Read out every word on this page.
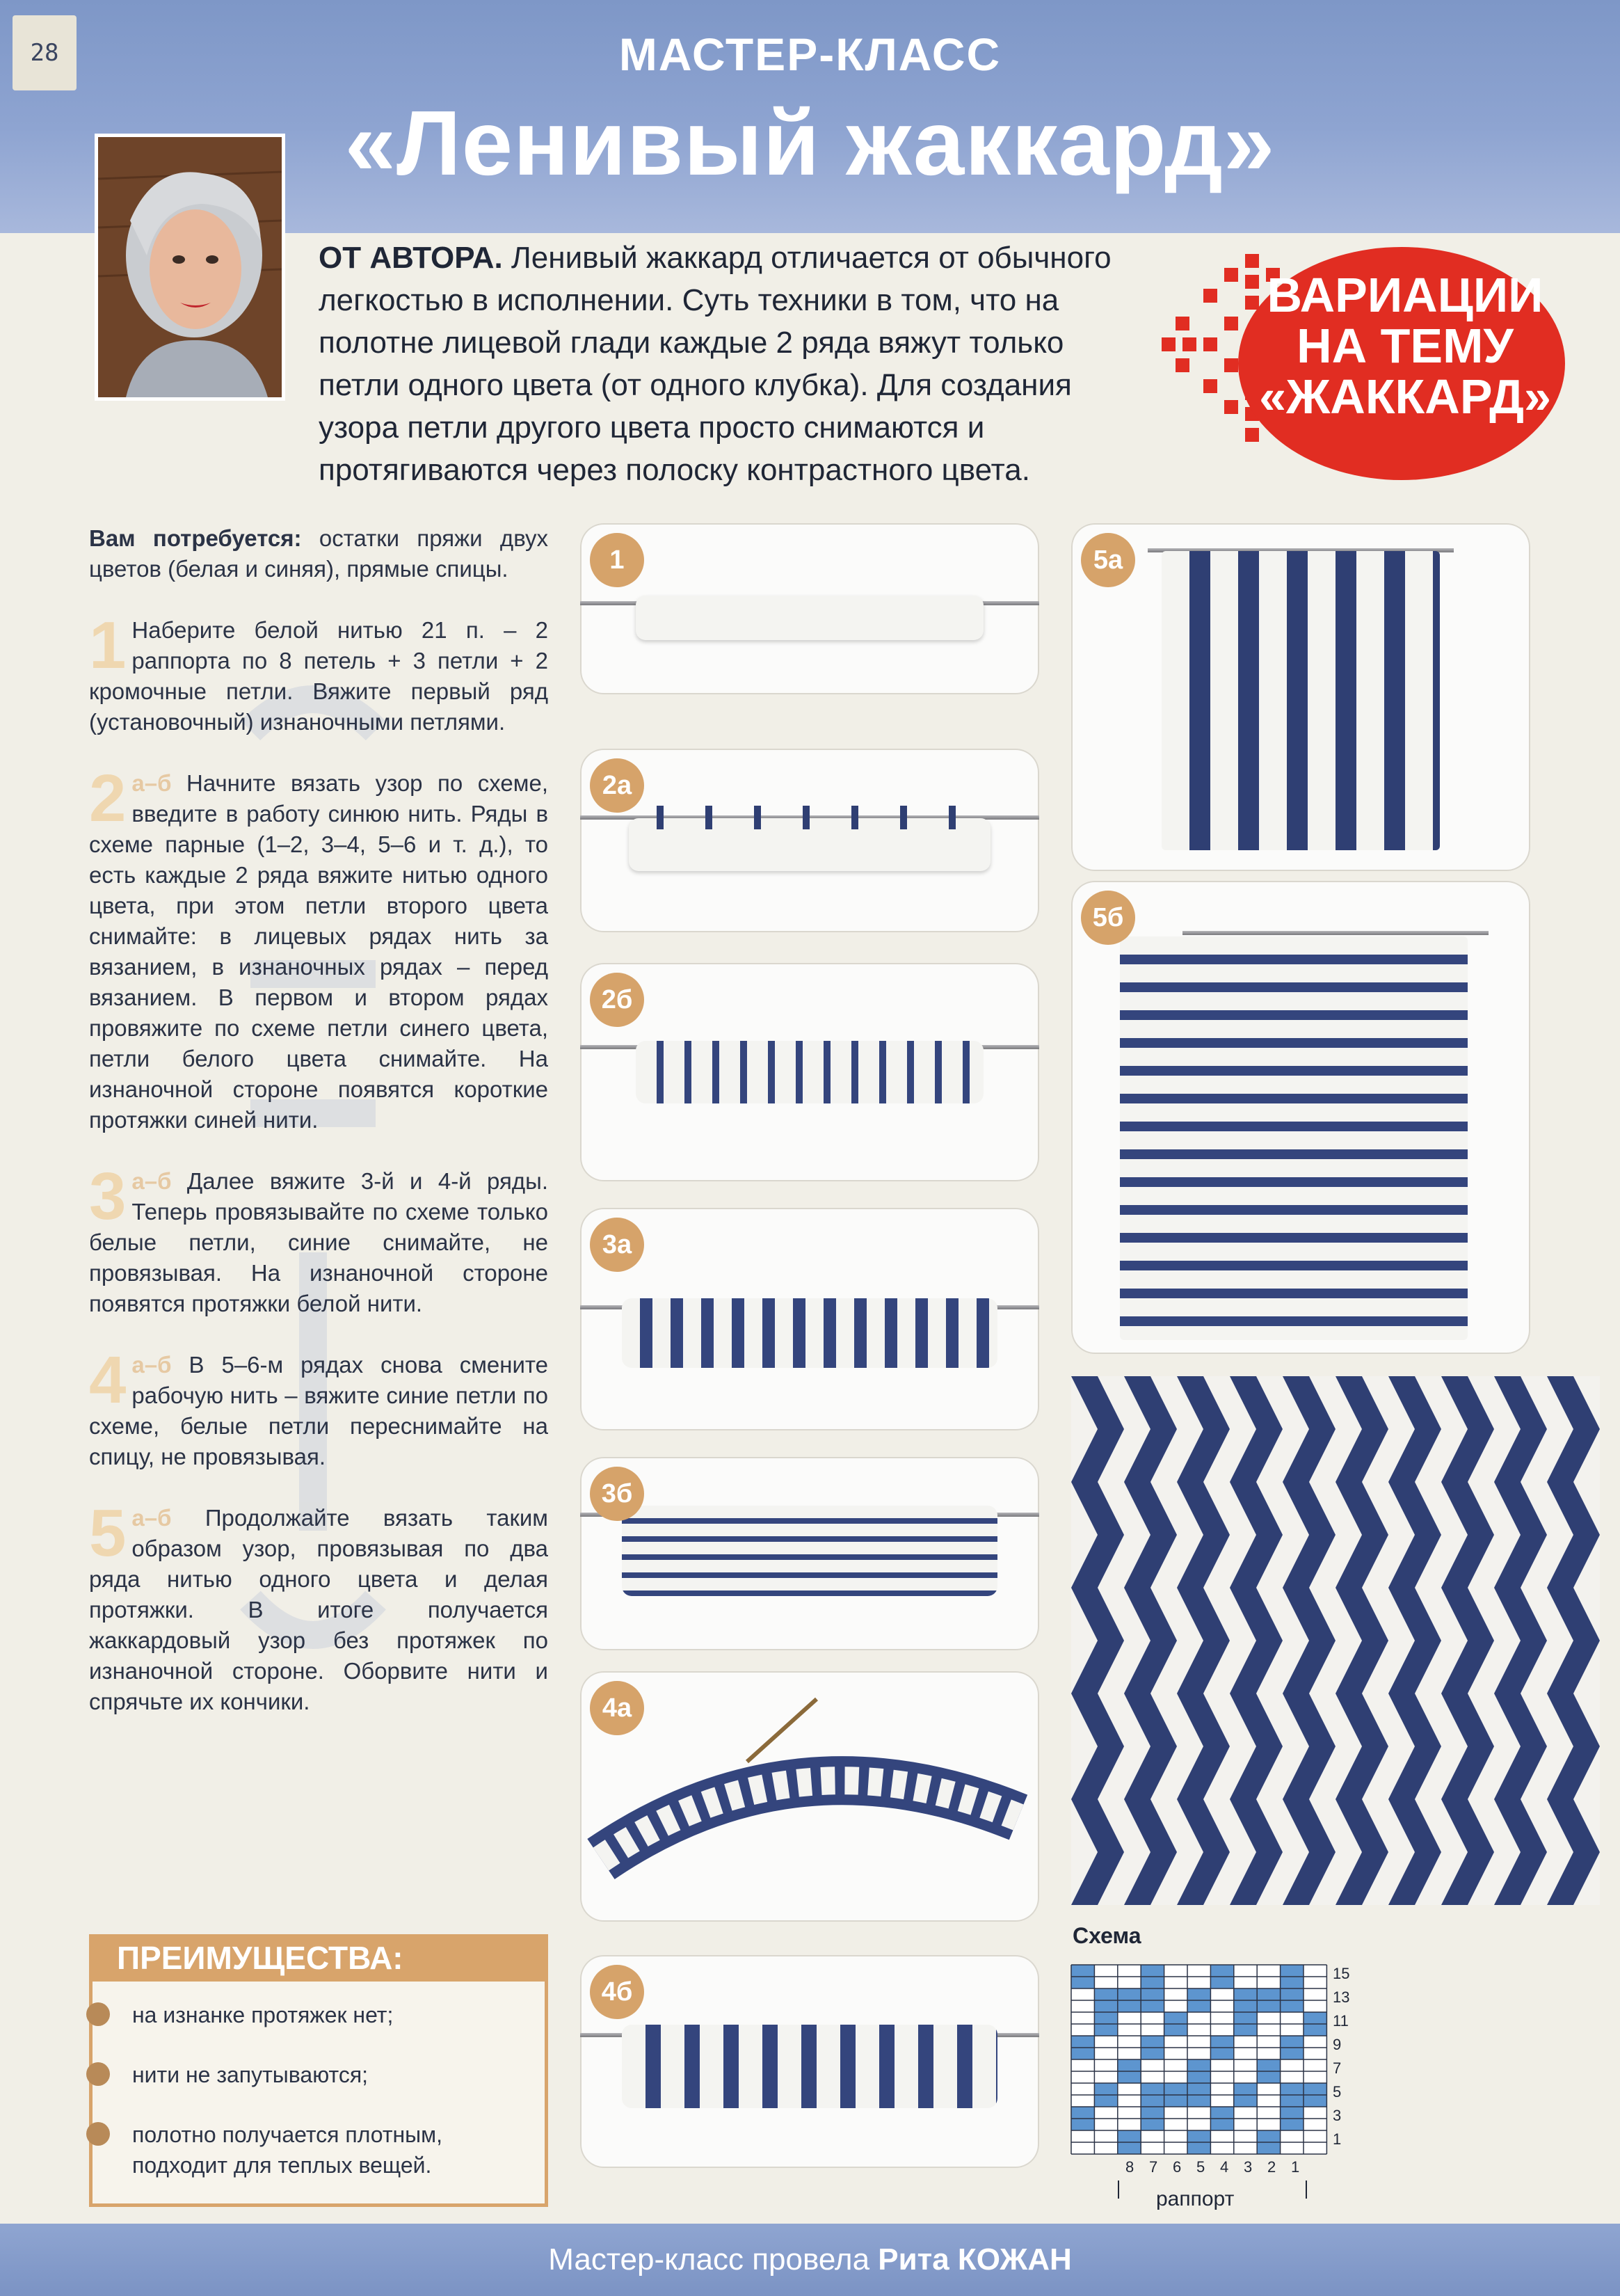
28	МАСТЕР-КЛАСС
«Ленивый жаккард»
ОТ АВТОРА. Ленивый жаккард отличается от обычного легкостью в исполнении. Суть техники в том, что на полотне лицевой глади каждые 2 ряда вяжут только петли одного цвета (от одного клубка). Для создания узора петли другого цвета просто снимаются и протягиваются через полоску контрастного цвета.
ВАРИАЦИИ
НА ТЕМУ
«ЖАККАРД»

Вам потребуется: остатки пряжи двух цветов (белая и синяя), прямые спицы.

1 Наберите белой нитью 21 п. – 2 раппорта по 8 петель + 3 петли + 2 кромочные петли. Вяжите первый ряд (установочный) изнаночными петлями.

2 а–б Начните вязать узор по схеме, введите в работу синюю нить. Ряды в схеме парные (1–2, 3–4, 5–6 и т. д.), то есть каждые 2 ряда вяжите нитью одного цвета, при этом петли второго цвета снимайте: в лицевых рядах нить за вязанием, в изнаночных рядах – перед вязанием. В первом и втором рядах провяжите по схеме петли синего цвета, петли белого цвета снимайте. На изнаночной стороне появятся короткие протяжки синей нити.

3 а–б Далее вяжите 3-й и 4-й ряды. Теперь провязывайте по схеме только белые петли, синие снимайте, не провязывая. На изнаночной стороне появятся протяжки белой нити.

4 а–б В 5–6-м рядах снова смените рабочую нить – вяжите синие петли по схеме, белые петли переснимайте на спицу, не провязывая.

5 а–б Продолжайте вязать таким образом узор, провязывая по два ряда нитью одного цвета и делая протяжки. В итоге получается жаккардовый узор без протяжек по изнаночной стороне. Оборвите нити и спрячьте их кончики.

1
2а
2б
3а
3б
4а
4б
5а
5б
ПРЕИМУЩЕСТВА:
на изнанке протяжек нет;
нити не запутываются;
полотно получается плотным, подходит для теплых вещей.
Схема
15
13
11
9
7
5
3
1
8 7 6 5 4 3 2 1
раппорт
Мастер-класс провела Рита КОЖАН
